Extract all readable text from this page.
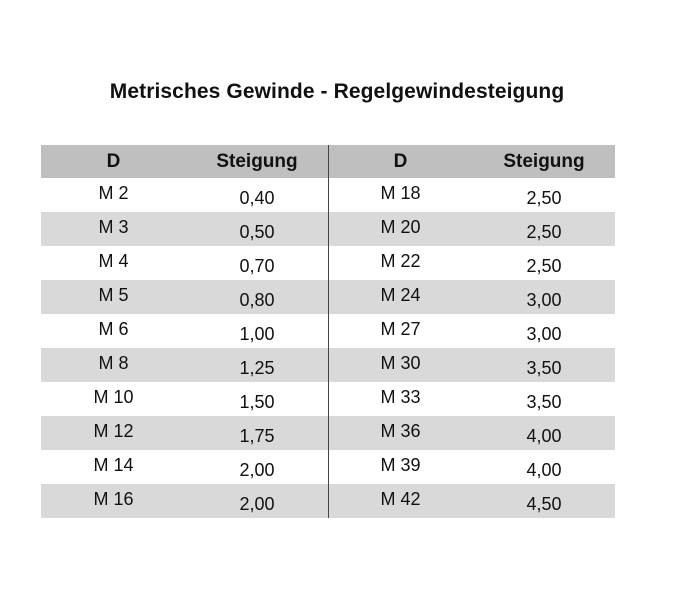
Metrisches Gewinde - Regelgewindesteigung
D	Steigung	D	Steigung
M 2	0,40	M 18	2,50
M 3	0,50	M 20	2,50
M 4	0,70	M 22	2,50
M 5	0,80	M 24	3,00
M 6	1,00	M 27	3,00
M 8	1,25	M 30	3,50
M 10	1,50	M 33	3,50
M 12	1,75	M 36	4,00
M 14	2,00	M 39	4,00
M 16	2,00	M 42	4,50
